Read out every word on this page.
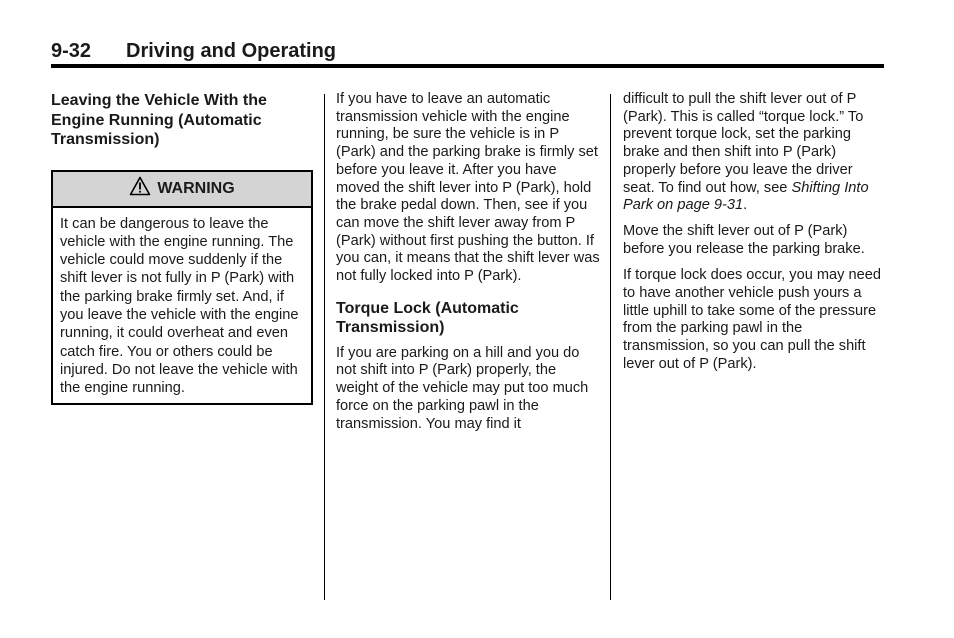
9-32 Driving and Operating
Leaving the Vehicle With the Engine Running (Automatic Transmission)
WARNING
It can be dangerous to leave the vehicle with the engine running. The vehicle could move suddenly if the shift lever is not fully in P (Park) with the parking brake firmly set. And, if you leave the vehicle with the engine running, it could overheat and even catch fire. You or others could be injured. Do not leave the vehicle with the engine running.

If you have to leave an automatic transmission vehicle with the engine running, be sure the vehicle is in P (Park) and the parking brake is firmly set before you leave it. After you have moved the shift lever into P (Park), hold the brake pedal down. Then, see if you can move the shift lever away from P (Park) without first pushing the button. If you can, it means that the shift lever was not fully locked into P (Park).

Torque Lock (Automatic Transmission)

If you are parking on a hill and you do not shift into P (Park) properly, the weight of the vehicle may put too much force on the parking pawl in the transmission. You may find it

difficult to pull the shift lever out of P (Park). This is called “torque lock.” To prevent torque lock, set the parking brake and then shift into P (Park) properly before you leave the driver seat. To find out how, see Shifting Into Park on page 9-31.

Move the shift lever out of P (Park) before you release the parking brake.

If torque lock does occur, you may need to have another vehicle push yours a little uphill to take some of the pressure from the parking pawl in the transmission, so you can pull the shift lever out of P (Park).
